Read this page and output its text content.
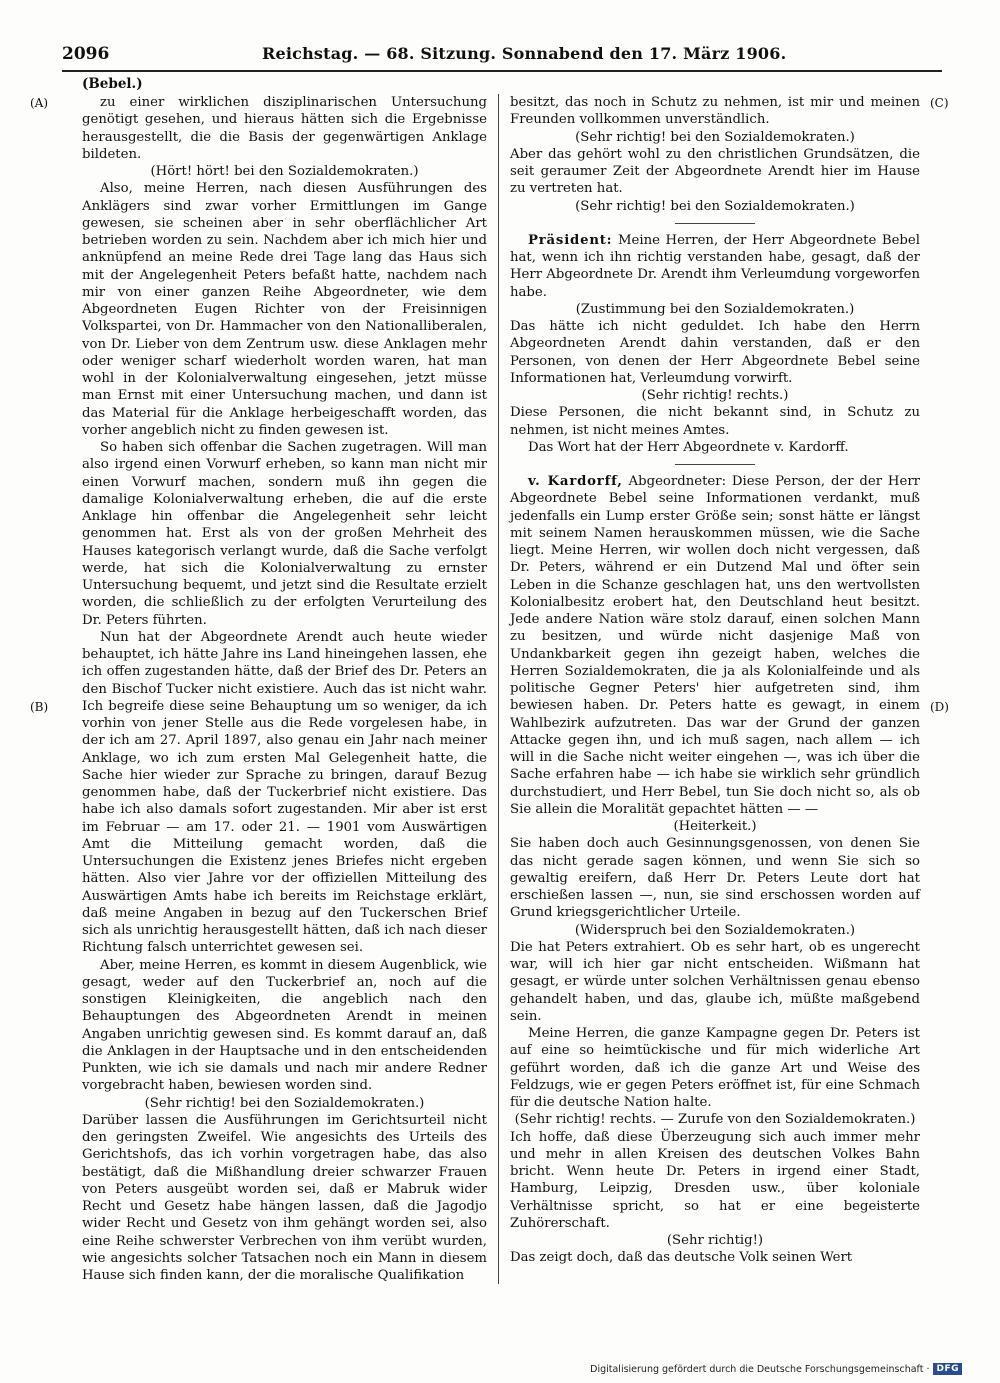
2096	Reichstag. — 68. Sitzung. Sonnabend den 17. März 1906.
(Bebel.)
(A)
(B)
(C)
(D)

zu einer wirklichen disziplinarischen Untersuchung genötigt gesehen, und hieraus hätten sich die Ergebnisse herausgestellt, die die Basis der gegenwärtigen Anklage bildeten.

(Hört! hört! bei den Sozialdemokraten.)

Also, meine Herren, nach diesen Ausführungen des Anklägers sind zwar vorher Ermittlungen im Gange gewesen, sie scheinen aber in sehr oberflächlicher Art betrieben worden zu sein. Nachdem aber ich mich hier und anknüpfend an meine Rede drei Tage lang das Haus sich mit der Angelegenheit Peters befaßt hatte, nachdem nach mir von einer ganzen Reihe Abgeordneter, wie dem Abgeordneten Eugen Richter von der Freisinnigen Volkspartei, von Dr. Hammacher von den Nationalliberalen, von Dr. Lieber von dem Zentrum usw. diese Anklagen mehr oder weniger scharf wiederholt worden waren, hat man wohl in der Kolonialverwaltung eingesehen, jetzt müsse man Ernst mit einer Untersuchung machen, und dann ist das Material für die Anklage herbeigeschafft worden, das vorher angeblich nicht zu finden gewesen ist.

So haben sich offenbar die Sachen zugetragen. Will man also irgend einen Vorwurf erheben, so kann man nicht mir einen Vorwurf machen, sondern muß ihn gegen die damalige Kolonialverwaltung erheben, die auf die erste Anklage hin offenbar die Angelegenheit sehr leicht genommen hat. Erst als von der großen Mehrheit des Hauses kategorisch verlangt wurde, daß die Sache verfolgt werde, hat sich die Kolonialverwaltung zu ernster Untersuchung bequemt, und jetzt sind die Resultate erzielt worden, die schließlich zu der erfolgten Verurteilung des Dr. Peters führten.

Nun hat der Abgeordnete Arendt auch heute wieder behauptet, ich hätte Jahre ins Land hineingehen lassen, ehe ich offen zugestanden hätte, daß der Brief des Dr. Peters an den Bischof Tucker nicht existiere. Auch das ist nicht wahr. Ich begreife diese seine Behauptung um so weniger, da ich vorhin von jener Stelle aus die Rede vorgelesen habe, in der ich am 27. April 1897, also genau ein Jahr nach meiner Anklage, wo ich zum ersten Mal Gelegenheit hatte, die Sache hier wieder zur Sprache zu bringen, darauf Bezug genommen habe, daß der Tuckerbrief nicht existiere. Das habe ich also damals sofort zugestanden. Mir aber ist erst im Februar — am 17. oder 21. — 1901 vom Auswärtigen Amt die Mitteilung gemacht worden, daß die Untersuchungen die Existenz jenes Briefes nicht ergeben hätten. Also vier Jahre vor der offiziellen Mitteilung des Auswärtigen Amts habe ich bereits im Reichstage erklärt, daß meine Angaben in bezug auf den Tuckerschen Brief sich als unrichtig herausgestellt hätten, daß ich nach dieser Richtung falsch unterrichtet gewesen sei.

Aber, meine Herren, es kommt in diesem Augenblick, wie gesagt, weder auf den Tuckerbrief an, noch auf die sonstigen Kleinigkeiten, die angeblich nach den Behauptungen des Abgeordneten Arendt in meinen Angaben unrichtig gewesen sind. Es kommt darauf an, daß die Anklagen in der Hauptsache und in den entscheidenden Punkten, wie ich sie damals und nach mir andere Redner vorgebracht haben, bewiesen worden sind.

(Sehr richtig! bei den Sozialdemokraten.)

Darüber lassen die Ausführungen im Gerichtsurteil nicht den geringsten Zweifel. Wie angesichts des Urteils des Gerichtshofs, das ich vorhin vorgetragen habe, das also bestätigt, daß die Mißhandlung dreier schwarzer Frauen von Peters ausgeübt worden sei, daß er Mabruk wider Recht und Gesetz habe hängen lassen, daß die Jagodjo wider Recht und Gesetz von ihm gehängt worden sei, also eine Reihe schwerster Verbrechen von ihm verübt wurden, wie angesichts solcher Tatsachen noch ein Mann in diesem Hause sich finden kann, der die moralische Qualifikation

besitzt, das noch in Schutz zu nehmen, ist mir und meinen Freunden vollkommen unverständlich.

(Sehr richtig! bei den Sozialdemokraten.)

Aber das gehört wohl zu den christlichen Grundsätzen, die seit geraumer Zeit der Abgeordnete Arendt hier im Hause zu vertreten hat.

(Sehr richtig! bei den Sozialdemokraten.)

Präsident: Meine Herren, der Herr Abgeordnete Bebel hat, wenn ich ihn richtig verstanden habe, gesagt, daß der Herr Abgeordnete Dr. Arendt ihm Verleumdung vorgeworfen habe.

(Zustimmung bei den Sozialdemokraten.)

Das hätte ich nicht geduldet. Ich habe den Herrn Abgeordneten Arendt dahin verstanden, daß er den Personen, von denen der Herr Abgeordnete Bebel seine Informationen hat, Verleumdung vorwirft.

(Sehr richtig! rechts.)

Diese Personen, die nicht bekannt sind, in Schutz zu nehmen, ist nicht meines Amtes.

Das Wort hat der Herr Abgeordnete v. Kardorff.

v. Kardorff, Abgeordneter: Diese Person, der der Herr Abgeordnete Bebel seine Informationen verdankt, muß jedenfalls ein Lump erster Größe sein; sonst hätte er längst mit seinem Namen herauskommen müssen, wie die Sache liegt. Meine Herren, wir wollen doch nicht vergessen, daß Dr. Peters, während er ein Dutzend Mal und öfter sein Leben in die Schanze geschlagen hat, uns den wertvollsten Kolonialbesitz erobert hat, den Deutschland heut besitzt. Jede andere Nation wäre stolz darauf, einen solchen Mann zu besitzen, und würde nicht dasjenige Maß von Undankbarkeit gegen ihn gezeigt haben, welches die Herren Sozialdemokraten, die ja als Kolonialfeinde und als politische Gegner Peters' hier aufgetreten sind, ihm bewiesen haben. Dr. Peters hatte es gewagt, in einem Wahlbezirk aufzutreten. Das war der Grund der ganzen Attacke gegen ihn, und ich muß sagen, nach allem — ich will in die Sache nicht weiter eingehen —, was ich über die Sache erfahren habe — ich habe sie wirklich sehr gründlich durchstudiert, und Herr Bebel, tun Sie doch nicht so, als ob Sie allein die Moralität gepachtet hätten — —

(Heiterkeit.)

Sie haben doch auch Gesinnungsgenossen, von denen Sie das nicht gerade sagen können, und wenn Sie sich so gewaltig ereifern, daß Herr Dr. Peters Leute dort hat erschießen lassen —, nun, sie sind erschossen worden auf Grund kriegsgerichtlicher Urteile.

(Widerspruch bei den Sozialdemokraten.)

Die hat Peters extrahiert. Ob es sehr hart, ob es ungerecht war, will ich hier gar nicht entscheiden. Wißmann hat gesagt, er würde unter solchen Verhältnissen genau ebenso gehandelt haben, und das, glaube ich, müßte maßgebend sein.

Meine Herren, die ganze Kampagne gegen Dr. Peters ist auf eine so heimtückische und für mich widerliche Art geführt worden, daß ich die ganze Art und Weise des Feldzugs, wie er gegen Peters eröffnet ist, für eine Schmach für die deutsche Nation halte.

(Sehr richtig! rechts. — Zurufe von den Sozialdemokraten.)

Ich hoffe, daß diese Überzeugung sich auch immer mehr und mehr in allen Kreisen des deutschen Volkes Bahn bricht. Wenn heute Dr. Peters in irgend einer Stadt, Hamburg, Leipzig, Dresden usw., über koloniale Verhältnisse spricht, so hat er eine begeisterte Zuhörerschaft.

(Sehr richtig!)

Das zeigt doch, daß das deutsche Volk seinen Wert

Digitalisierung gefördert durch die Deutsche Forschungsgemeinschaft · DFG
